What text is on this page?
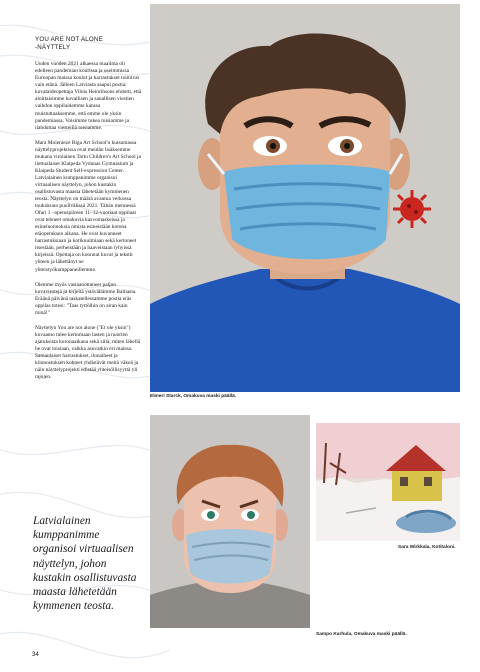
YOU ARE NOT ALONE
-NÄYTTELY

Uuden vuoden 2021 alkaessa maailma oli edelleen pandemian kourissa ja useimmissa Euroopan maissa koulut ja harrastukset toimivat vain etänä. Jälleen Latviasta saapui postia: kuvataideopettaja Vilnis Heinrihsons ehdotti, että aloittaisimme kuvallisen ja sanallisen viestien vaihdon oppilaidemme kanssa muistuttaaksemme, että emme ole yksin pandemiassa. Voisimme tukea toisiamme ja ilahduttaa viesteillä toisiamme.

Mara Moienieze Riga Art School'n kutsumassa näyttelyprojektissa ovat meidän lisäksemme mukana virolainen Tartu Children's Art School ja liettualaiset Klaipeda Vydunas Gymnasium ja Klaipeda Student Self-expression Center. Latvialainen kumppanimme organisoi virtuaalisen näyttelyn, johon kustakin osallistuvasta maasta lähetetään kymmenen teosta. Näyttelyn on määrä avautua verkossa toukokuun puolivälissä 2021. Tähän mennessä Ofari 1 –opetuspiireen 11–12-vuotiaat oppilaat ovat tehneet omakuvia kasvomaskeissa ja esineluonnoksia omista esineistään kotona etäopetuksen aikana. He ovat kuvanneet harrastuksiaan ja kotikuulmiaan sekä kertoneet itsestään, perheistään ja haaveistaan lyhyissä kirjeissä. Opettaja on koonnut kuvat ja tekstit yhteen ja lähettänyt ne yhteistyökumppaneillemme.

Olemme myös vastaanottaneet paljon kuvaviestejä ja kirjeitä ystävältämme Baltiasta. Eräänä päivänä taskatellessamme postia eräs oppilas totesi: "Taas tyttöihin on airan kain minä!"

Näyttelyn You are not alone ("Et ole yksin") kuvaamo tulee kertomaan lasten ja nuorten ajatuksista koronaaikana sekä siitä, miten lähellä he ovat toisiaan, vaikka asuvatkin eri maissa. Samanlaiset harrastukset, ilonaiheet ja kiinnostuksen kohteet yhdistävät meitä väkeä ja näin näyttelyprojekti edistää yhteisöllisyyttä yli rajojen.

Latvialainen kumppanimme organisoi virtuaalisen näyttelyn, johon kustakin osallistuvasta maasta lähetetään kymmenen teosta.

34
Elmeri Starck, Omakuva maski päällä.
Sampo Karhula, Omakuva maski päällä.
Sara Wirkkala, Kotitaloni.
